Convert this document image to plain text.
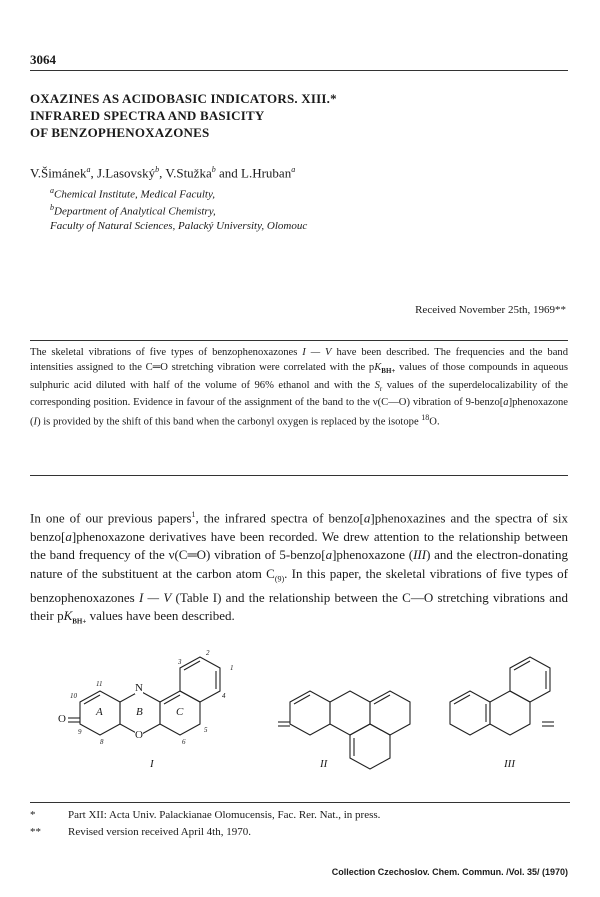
3064
OXAZINES AS ACIDOBASIC INDICATORS. XIII.*
INFRARED SPECTRA AND BASICITY
OF BENZOPHENOXAZONES
V.Šimánek$^a$, J.Lasovský$^b$, V.Stužka$^b$ and L.Hruban$^a$
$^a$Chemical Institute, Medical Faculty,
$^b$Department of Analytical Chemistry,
Faculty of Natural Sciences, Palacký University, Olomouc
Received November 25th, 1969**
The skeletal vibrations of five types of benzophenoxazones I — V have been described. The frequencies and the band intensities assigned to the C═O stretching vibration were correlated with the $pK_{BH+}$ values of those compounds in aqueous sulphuric acid diluted with half of the volume of 96% ethanol and with the $S_r$ values of the superdelocalizability of the corresponding position. Evidence in favour of the assignment of the band to the ν(C—O) vibration of 9-benzo[a]phenoxazone (I) is provided by the shift of this band when the carbonyl oxygen is replaced by the isotope $^{18}$O.
In one of our previous papers$^1$, the infrared spectra of benzo[a]phenoxazines and the spectra of six benzo[a]phenoxazone derivatives have been recorded. We drew attention to the relationship between the band frequency of the ν(C═O) vibration of 5-benzo[a]phenoxazone (III) and the electron-donating nature of the substituent at the carbon atom $C_{(9)}$. In this paper, the skeletal vibrations of five types of benzophenoxazones I — V (Table I) and the relationship between the C—O stretching vibrations and their $pK_{BH+}$ values have been described.
N
O
O
A	B	C
1
2
3
4
5
6
8
9
10
11
I	II	III
*	Part XII: Acta Univ. Palackianae Olomucensis, Fac. Rer. Nat., in press.
** Revised version received April 4th, 1970.
Collection Czechoslov. Chem. Commun. /Vol. 35/ (1970)
